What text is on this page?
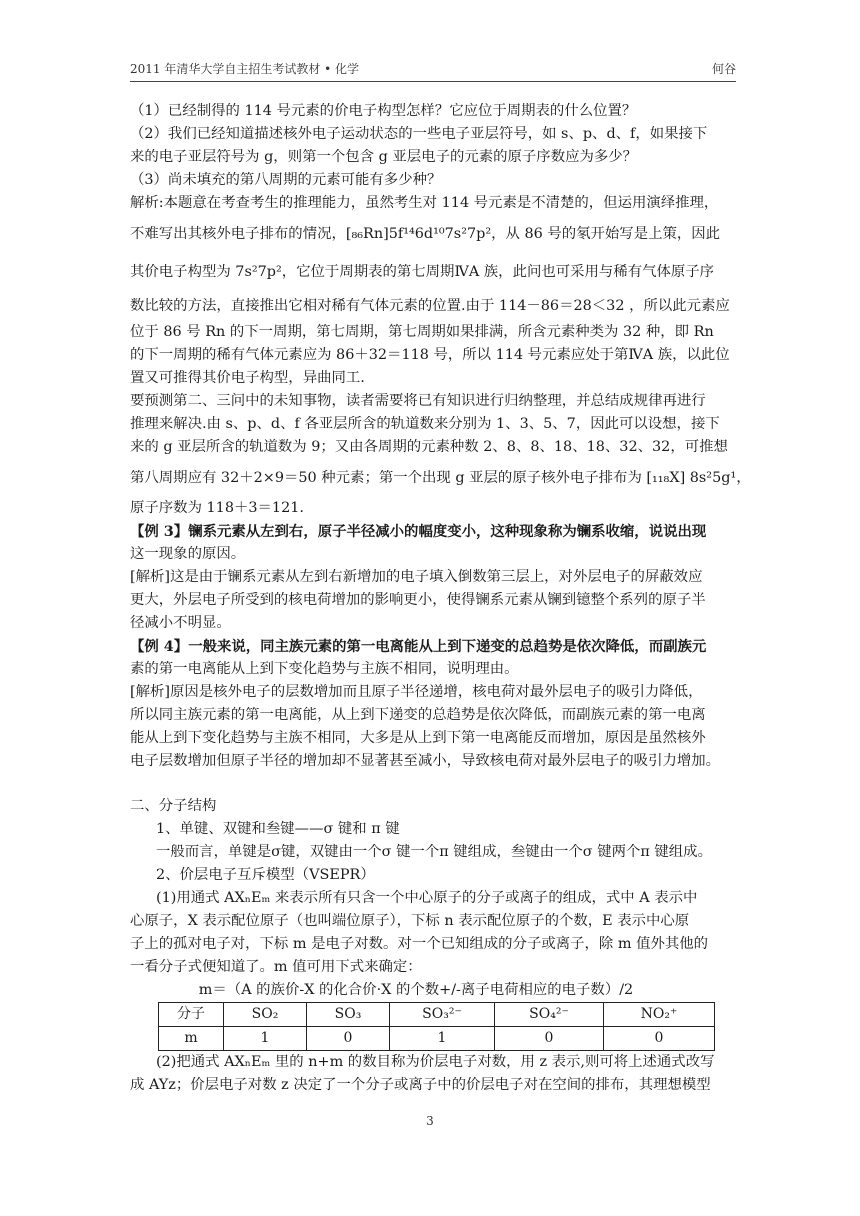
2011 年清华大学自主招生考试教材 • 化学	何谷

（1）已经制得的 114 号元素的价电子构型怎样？它应位于周期表的什么位置？

（2）我们已经知道描述核外电子运动状态的一些电子亚层符号，如 s、p、d、f，如果接下

来的电子亚层符号为 g，则第一个包含 g 亚层电子的元素的原子序数应为多少？

（3）尚未填充的第八周期的元素可能有多少种？

解析:本题意在考查考生的推理能力，虽然考生对 114 号元素是不清楚的，但运用演绎推理，

不难写出其核外电子排布的情况，[₈₆Rn]5f¹⁴6d¹⁰7s²7p²，从 86 号的氡开始写是上策，因此

其价电子构型为 7s²7p²，它位于周期表的第七周期ⅣA 族，此问也可采用与稀有气体原子序

数比较的方法，直接推出它相对稀有气体元素的位置.由于 114－86＝28＜32 ，所以此元素应

位于 86 号 Rn 的下一周期，第七周期，第七周期如果排满，所含元素种类为 32 种，即 Rn

的下一周期的稀有气体元素应为 86＋32＝118 号，所以 114 号元素应处于第ⅣA 族，以此位

置又可推得其价电子构型，异曲同工.

要预测第二、三问中的未知事物，读者需要将已有知识进行归纳整理，并总结成规律再进行

推理来解决.由 s、p、d、f 各亚层所含的轨道数来分别为 1、3、5、7，因此可以设想，接下

来的 g 亚层所含的轨道数为 9；又由各周期的元素种数 2、8、8、18、18、32、32，可推想

第八周期应有 32＋2×9＝50 种元素；第一个出现 g 亚层的原子核外电子排布为 [₁₁₈X] 8s²5g¹，

原子序数为 118＋3＝121.

【例 3】镧系元素从左到右，原子半径减小的幅度变小，这种现象称为镧系收缩，说说出现

这一现象的原因。

[解析]这是由于镧系元素从左到右新增加的电子填入倒数第三层上，对外层电子的屏蔽效应

更大，外层电子所受到的核电荷增加的影响更小，使得镧系元素从镧到镱整个系列的原子半

径减小不明显。

【例 4】一般来说，同主族元素的第一电离能从上到下递变的总趋势是依次降低，而副族元

素的第一电离能从上到下变化趋势与主族不相同，说明理由。

[解析]原因是核外电子的层数增加而且原子半径递增，核电荷对最外层电子的吸引力降低，

所以同主族元素的第一电离能，从上到下递变的总趋势是依次降低，而副族元素的第一电离

能从上到下变化趋势与主族不相同，大多是从上到下第一电离能反而增加，原因是虽然核外

电子层数增加但原子半径的增加却不显著甚至减小，导致核电荷对最外层电子的吸引力增加。

二、分子结构

1、单键、双键和叁键——σ 键和 π 键

一般而言，单键是σ键，双键由一个σ 键一个π 键组成，叁键由一个σ 键两个π 键组成。

2、价层电子互斥模型（VSEPR）

(1)用通式 AXₙEₘ 来表示所有只含一个中心原子的分子或离子的组成，式中 A 表示中

心原子，X 表示配位原子（也叫端位原子），下标 n 表示配位原子的个数，E 表示中心原

子上的孤对电子对，下标 m 是电子对数。对一个已知组成的分子或离子，除 m 值外其他的

一看分子式便知道了。m 值可用下式来确定：

m＝（A 的族价-X 的化合价·X 的个数+/-离子电荷相应的电子数）/2

分子	SO₂	SO₃	SO₃²⁻	SO₄²⁻	NO₂⁺
m	1	0	1	0	0

(2)把通式 AXₙEₘ 里的 n+m 的数目称为价层电子对数，用 z 表示,则可将上述通式改写

成 AYz；价层电子对数 z 决定了一个分子或离子中的价层电子对在空间的排布，其理想模型

3
